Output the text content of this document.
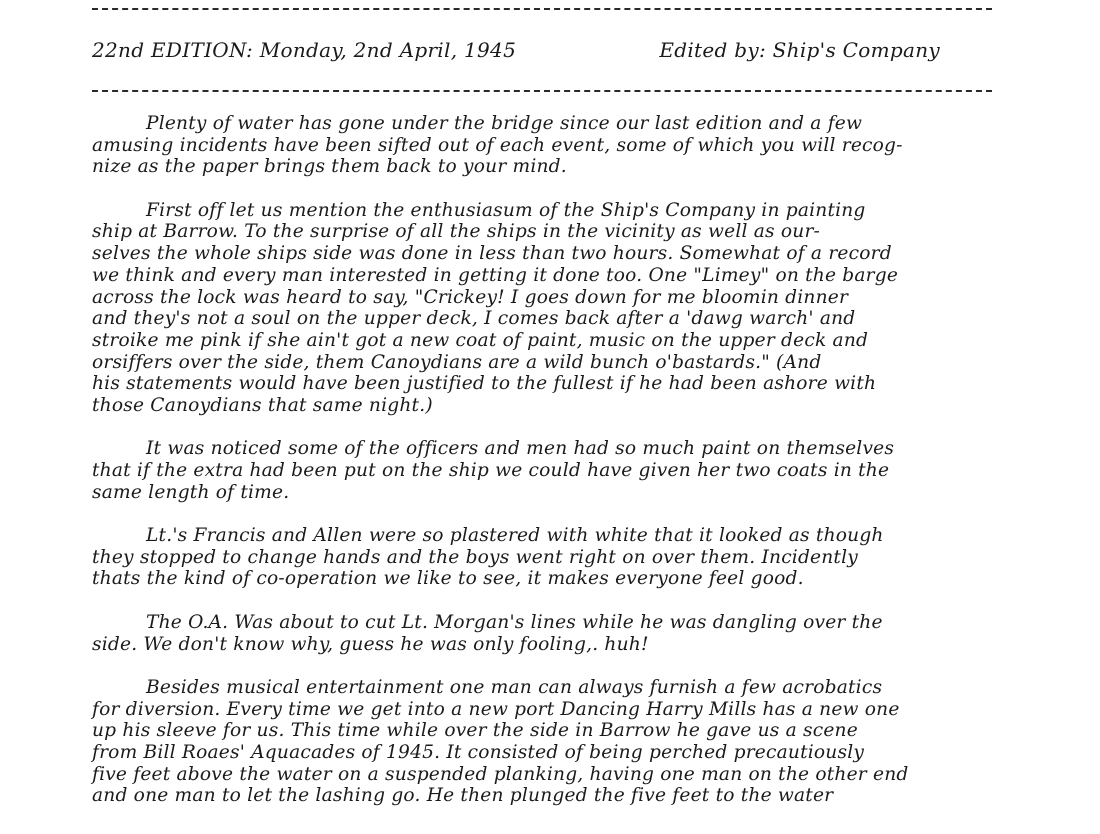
22nd EDITION: Monday, 2nd April, 1945	Edited by: Ship's Company
Plenty of water has gone under the bridge since our last edition and a few
amusing incidents have been sifted out of each event, some of which you will recog-
nize as the paper brings them back to your mind.
First off let us mention the enthusiasum of the Ship's Company in painting
ship at Barrow. To the surprise of all the ships in the vicinity as well as our-
selves the whole ships side was done in less than two hours. Somewhat of a record
we think and every man interested in getting it done too. One "Limey" on the barge
across the lock was heard to say, "Crickey! I goes down for me bloomin dinner
and they's not a soul on the upper deck, I comes back after a 'dawg warch' and
stroike me pink if she ain't got a new coat of paint, music on the upper deck and
orsiffers over the side, them Canoydians are a wild bunch o'bastards." (And
his statements would have been justified to the fullest if he had been ashore with
those Canoydians that same night.)
It was noticed some of the officers and men had so much paint on themselves
that if the extra had been put on the ship we could have given her two coats in the
same length of time.
Lt.'s Francis and Allen were so plastered with white that it looked as though
they stopped to change hands and the boys went right on over them. Incidently
thats the kind of co-operation we like to see, it makes everyone feel good.
The O.A. Was about to cut Lt. Morgan's lines while he was dangling over the
side. We don't know why, guess he was only fooling,. huh!
Besides musical entertainment one man can always furnish a few acrobatics
for diversion. Every time we get into a new port Dancing Harry Mills has a new one
up his sleeve for us. This time while over the side in Barrow he gave us a scene
from Bill Roaes' Aquacades of 1945. It consisted of being perched precautiously
five feet above the water on a suspended planking, having one man on the other end
and one man to let the lashing go. He then plunged the five feet to the water
